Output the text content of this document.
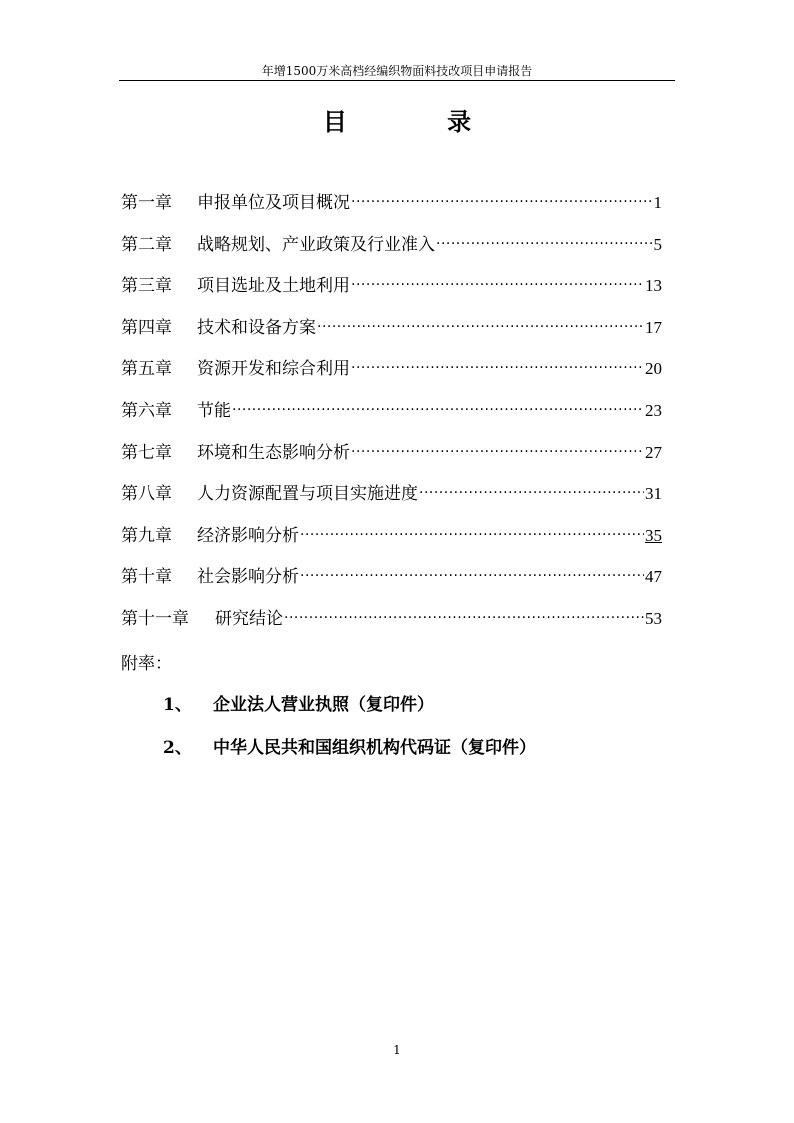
年增1500万米高档经编织物面料技改项目申请报告
目 录
第一章	申报单位及项目概况 ·····	1
第二章	战略规划、产业政策及行业准入 ·····	5
第三章	项目选址及土地利用 ·····	13
第四章	技术和设备方案 ·····	17
第五章	资源开发和综合利用 ·····	20
第六章	节能 ·····	23
第七章	环境和生态影响分析 ·····	27
第八章	人力资源配置与项目实施进度 ·····	31
第九章	经济影响分析 ·····	35
第十章	社会影响分析 ·····	47
第十一章	研究结论 ·····	53
附率：
1、	企业法人营业执照（复印件）
2、	中华人民共和国组织机构代码证（复印件）
1
